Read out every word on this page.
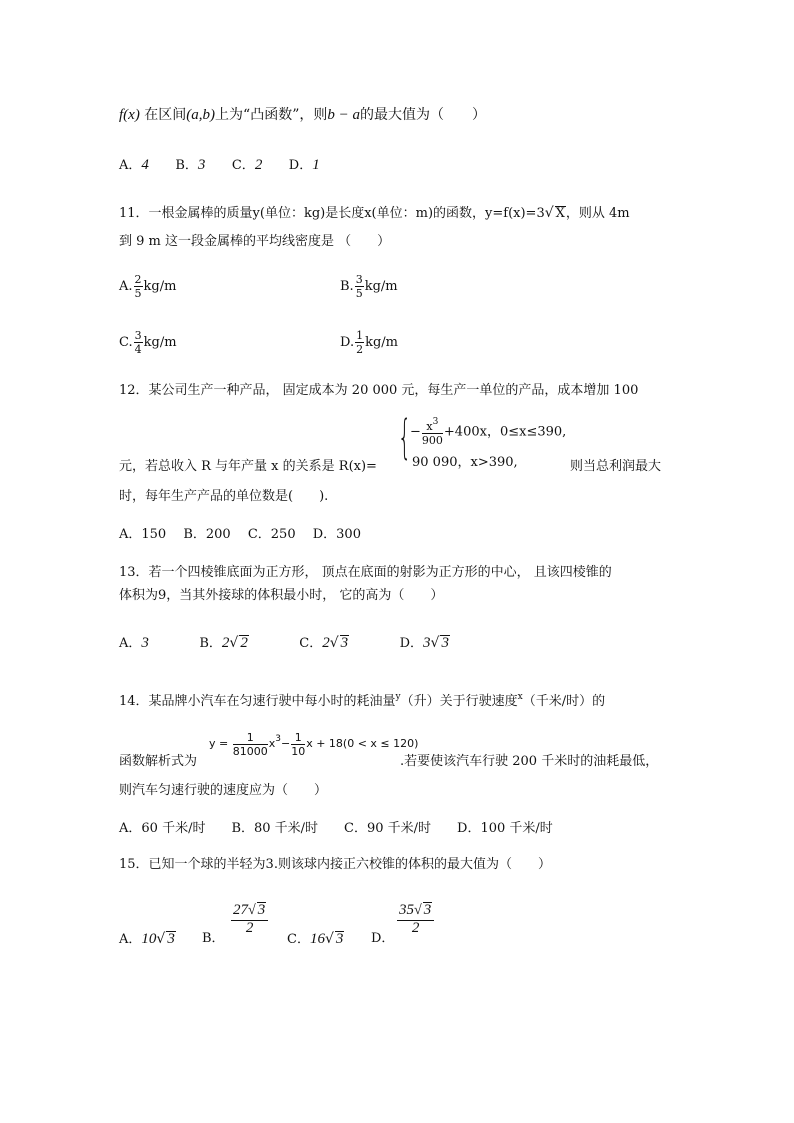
f(x) 在区间(a,b)上为“凸函数”，则b − a的最大值为（　　）
A．4 B．3 C．2 D．1
11．一根金属棒的质量y(单位：kg)是长度x(单位：m)的函数，y=f(x)=3√ X，则从 4m
到 9 m 这一段金属棒的平均线密度是 （　　）
A. $\frac{2}{5} kg/m$	B. $\frac{3}{5} kg/m$
C. $\frac{3}{4} kg/m$	D. $\frac{1}{2} kg/m$
12．某公司生产一种产品， 固定成本为 20 000 元，每生产一单位的产品，成本增加 100
{
− $\frac{x^3}{900} +400x$，0≤x≤390,
90 090，x>390,
元，若总收入 R 与年产量 x 的关系是 R(x)=	则当总利润最大
时，每年生产产品的单位数是(　　).
A．150　 B．200　 C．250　 D．300
13．若一个四棱锥底面为正方形， 顶点在底面的射影为正方形的中心， 且该四棱锥的
体积为9，当其外接球的体积最小时， 它的高为（　　）
A．3	B．2√ 2	C．2√ 3	D．3√ 3
14．某品牌小汽车在匀速行驶中每小时的耗油量$^y$（升）关于行驶速度$^x$（千米/时）的
$y = \frac{1}{81000} x^3- \frac{1}{10}$ x + 18(0 < x ≤ 120)
函数解析式为	.若要使该汽车行驶 200 千米时的油耗最低，
则汽车匀速行驶的速度应为（　　）
A．60 千米/时　　B．80 千米/时　　C．90 千米/时　　D．100 千米/时
15．已知一个球的半轻为3.则该球内接正六校锥的体积的最大值为（　　）
A．10√ 3 B．
$\frac{27√ 3}{2}$
C．16√ 3 D．
$\frac{35√ 3}{2}$
